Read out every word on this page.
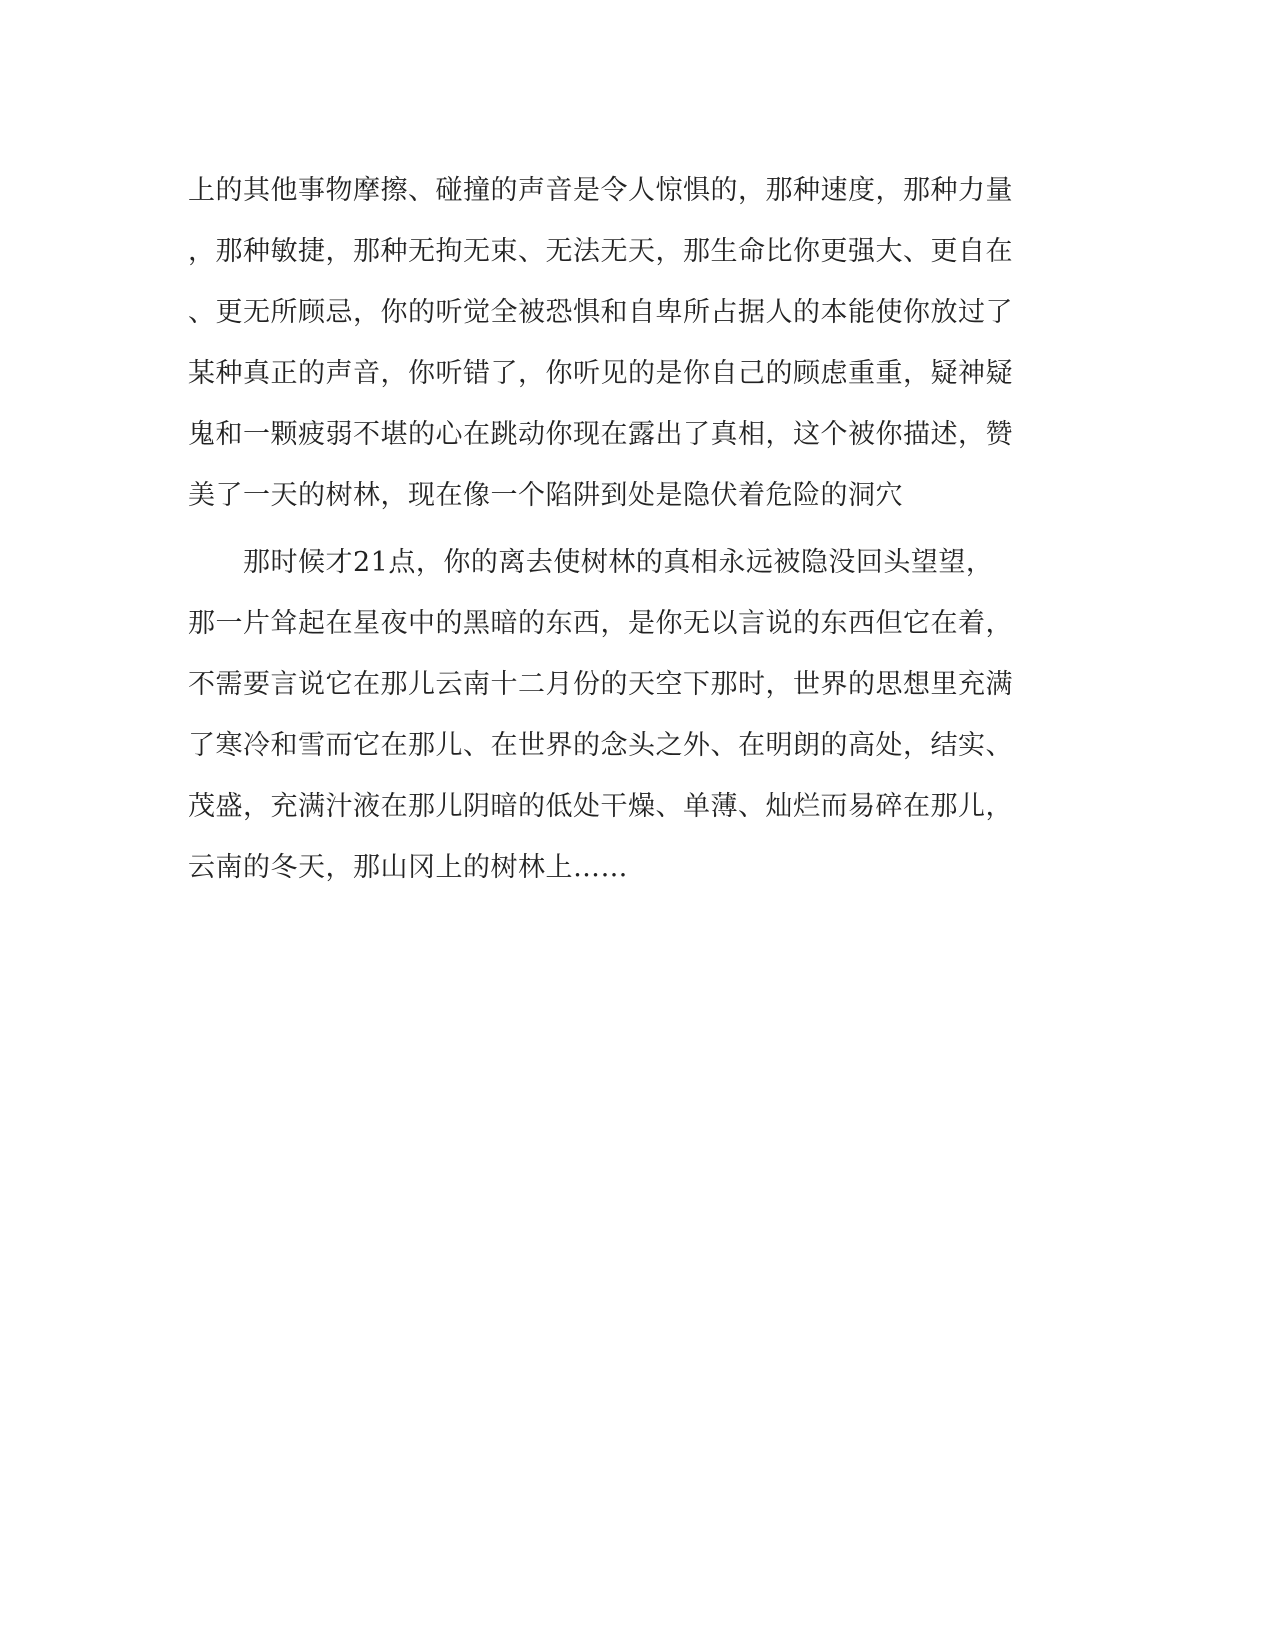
上的其他事物摩擦、碰撞的声音是令人惊惧的，那种速度，那种力量
，那种敏捷，那种无拘无束、无法无天，那生命比你更强大、更自在
、更无所顾忌，你的听觉全被恐惧和自卑所占据人的本能使你放过了
某种真正的声音，你听错了，你听见的是你自己的顾虑重重，疑神疑
鬼和一颗疲弱不堪的心在跳动你现在露出了真相，这个被你描述，赞
美了一天的树林，现在像一个陷阱到处是隐伏着危险的洞穴
　　那时候才21点，你的离去使树林的真相永远被隐没回头望望，
那一片耸起在星夜中的黑暗的东西，是你无以言说的东西但它在着，
不需要言说它在那儿云南十二月份的天空下那时，世界的思想里充满
了寒冷和雪而它在那儿、在世界的念头之外、在明朗的高处，结实、
茂盛，充满汁液在那儿阴暗的低处干燥、单薄、灿烂而易碎在那儿，
云南的冬天，那山冈上的树林上……
